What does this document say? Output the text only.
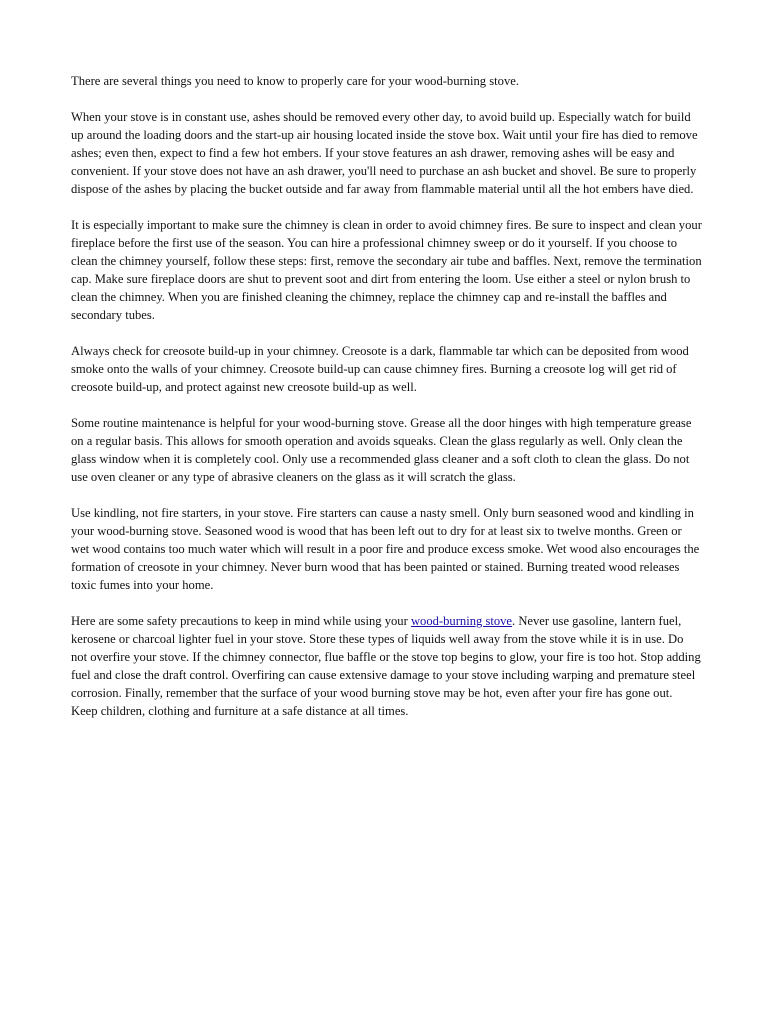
There are several things you need to know to properly care for your wood-burning stove.

When your stove is in constant use, ashes should be removed every other day, to avoid build up. Especially watch for build up around the loading doors and the start-up air housing located inside the stove box. Wait until your fire has died to remove ashes; even then, expect to find a few hot embers. If your stove features an ash drawer, removing ashes will be easy and convenient. If your stove does not have an ash drawer, you'll need to purchase an ash bucket and shovel. Be sure to properly dispose of the ashes by placing the bucket outside and far away from flammable material until all the hot embers have died.

It is especially important to make sure the chimney is clean in order to avoid chimney fires. Be sure to inspect and clean your fireplace before the first use of the season. You can hire a professional chimney sweep or do it yourself. If you choose to clean the chimney yourself, follow these steps: first, remove the secondary air tube and baffles. Next, remove the termination cap. Make sure fireplace doors are shut to prevent soot and dirt from entering the loom. Use either a steel or nylon brush to clean the chimney. When you are finished cleaning the chimney, replace the chimney cap and re-install the baffles and secondary tubes.

Always check for creosote build-up in your chimney. Creosote is a dark, flammable tar which can be deposited from wood smoke onto the walls of your chimney. Creosote build-up can cause chimney fires. Burning a creosote log will get rid of creosote build-up, and protect against new creosote build-up as well.

Some routine maintenance is helpful for your wood-burning stove. Grease all the door hinges with high temperature grease on a regular basis. This allows for smooth operation and avoids squeaks. Clean the glass regularly as well. Only clean the glass window when it is completely cool. Only use a recommended glass cleaner and a soft cloth to clean the glass. Do not use oven cleaner or any type of abrasive cleaners on the glass as it will scratch the glass.

Use kindling, not fire starters, in your stove. Fire starters can cause a nasty smell. Only burn seasoned wood and kindling in your wood-burning stove. Seasoned wood is wood that has been left out to dry for at least six to twelve months. Green or wet wood contains too much water which will result in a poor fire and produce excess smoke. Wet wood also encourages the formation of creosote in your chimney. Never burn wood that has been painted or stained. Burning treated wood releases toxic fumes into your home.

Here are some safety precautions to keep in mind while using your wood-burning stove. Never use gasoline, lantern fuel, kerosene or charcoal lighter fuel in your stove. Store these types of liquids well away from the stove while it is in use. Do not overfire your stove. If the chimney connector, flue baffle or the stove top begins to glow, your fire is too hot. Stop adding fuel and close the draft control. Overfiring can cause extensive damage to your stove including warping and premature steel corrosion. Finally, remember that the surface of your wood burning stove may be hot, even after your fire has gone out. Keep children, clothing and furniture at a safe distance at all times.
